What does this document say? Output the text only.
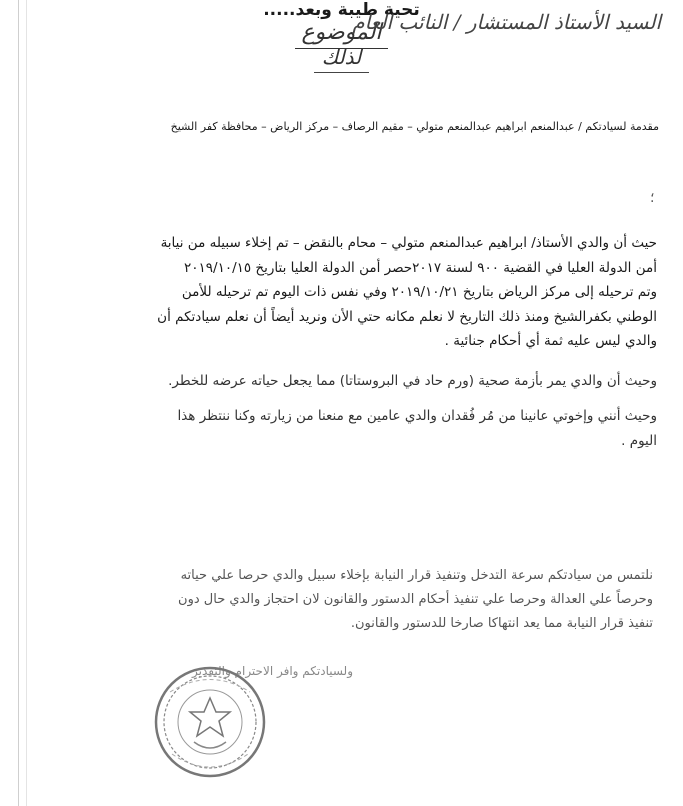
السيد الأستاذ المستشار / النائب العام
تحية طيبة وبعد.....
مقدمة لسيادتكم / عبدالمنعم ابراهيم عبدالمنعم متولي – مقيم الرصاف – مركز الرياض – محافظة كفر الشيخ
الموضوع
؛
حيث أن والدي الأستاذ/ ابراهيم عبدالمنعم متولي – محام بالنقض – تم إخلاء سبيله من نيابة
أمن الدولة العليا في القضية ٩٠٠ لسنة ٢٠١٧حصر أمن الدولة العليا بتاريخ ٢٠١٩/١٠/١٥
وتم ترحيله إلى مركز الرياض بتاريخ ٢٠١٩/١٠/٢١ وفي نفس ذات اليوم تم ترحيله للأمن
الوطني بكفرالشيخ ومنذ ذلك التاريخ لا نعلم مكانه حتي الأن ونريد أيضاً أن نعلم سيادتكم أن
والدي ليس عليه ثمة أي أحكام جنائية .
وحيث أن والدي يمر بأزمة صحية (ورم حاد في البروستاتا) مما يجعل حياته عرضه للخطر.
وحيث أنني وإخوتي عانينا من مُر فُقدان والدي عامين مع منعنا من زيارته وكنا ننتظر هذا
اليوم .
لذلك
نلتمس من سيادتكم سرعة التدخل وتنفيذ قرار النيابة بإخلاء سبيل والدي حرصا علي حياته
وحرصاً علي العدالة وحرصا علي تنفيذ أحكام الدستور والقانون لان احتجاز والدي حال دون
تنفيذ قرار النيابة مما يعد انتهاكا صارخا للدستور والقانون.
ولسيادتكم وافر الاحترام والتقدير
